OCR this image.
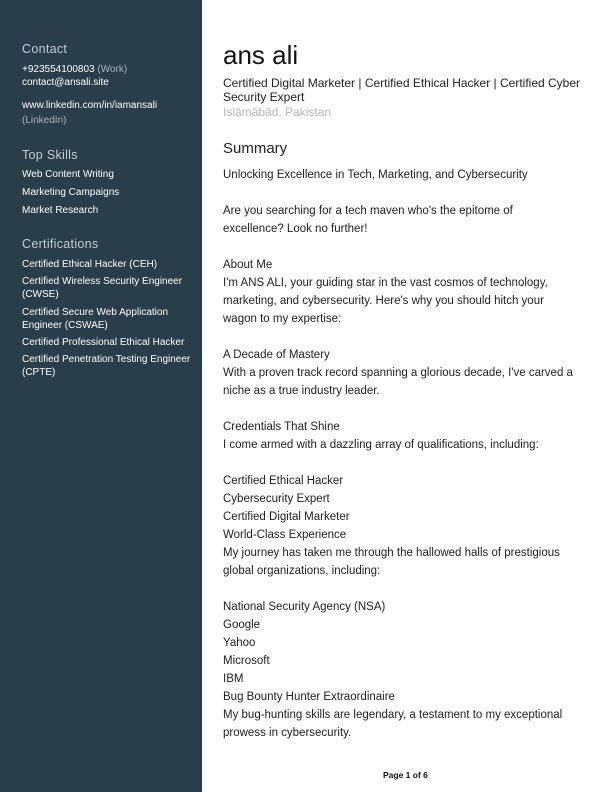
Contact
+923554100803 (Work)
contact@ansali.site
www.linkedin.com/in/iamansali
(LinkedIn)
Top Skills
Web Content Writing
Marketing Campaigns
Market Research
Certifications
Certified Ethical Hacker (CEH)
Certified Wireless Security Engineer (CWSE)
Certified Secure Web Application Engineer (CSWAE)
Certified Professional Ethical Hacker
Certified Penetration Testing Engineer (CPTE)
ans ali
Certified Digital Marketer | Certified Ethical Hacker | Certified Cyber Security Expert
Islāmābād, Pakistan
Summary
Unlocking Excellence in Tech, Marketing, and Cybersecurity
Are you searching for a tech maven who's the epitome of
excellence? Look no further!
About Me
I'm ANS ALI, your guiding star in the vast cosmos of technology,
marketing, and cybersecurity. Here's why you should hitch your
wagon to my expertise:
A Decade of Mastery
With a proven track record spanning a glorious decade, I've carved a
niche as a true industry leader.
Credentials That Shine
I come armed with a dazzling array of qualifications, including:
Certified Ethical Hacker
Cybersecurity Expert
Certified Digital Marketer
World-Class Experience
My journey has taken me through the hallowed halls of prestigious
global organizations, including:
National Security Agency (NSA)
Google
Yahoo
Microsoft
IBM
Bug Bounty Hunter Extraordinaire
My bug-hunting skills are legendary, a testament to my exceptional
prowess in cybersecurity.
Page 1 of 6
